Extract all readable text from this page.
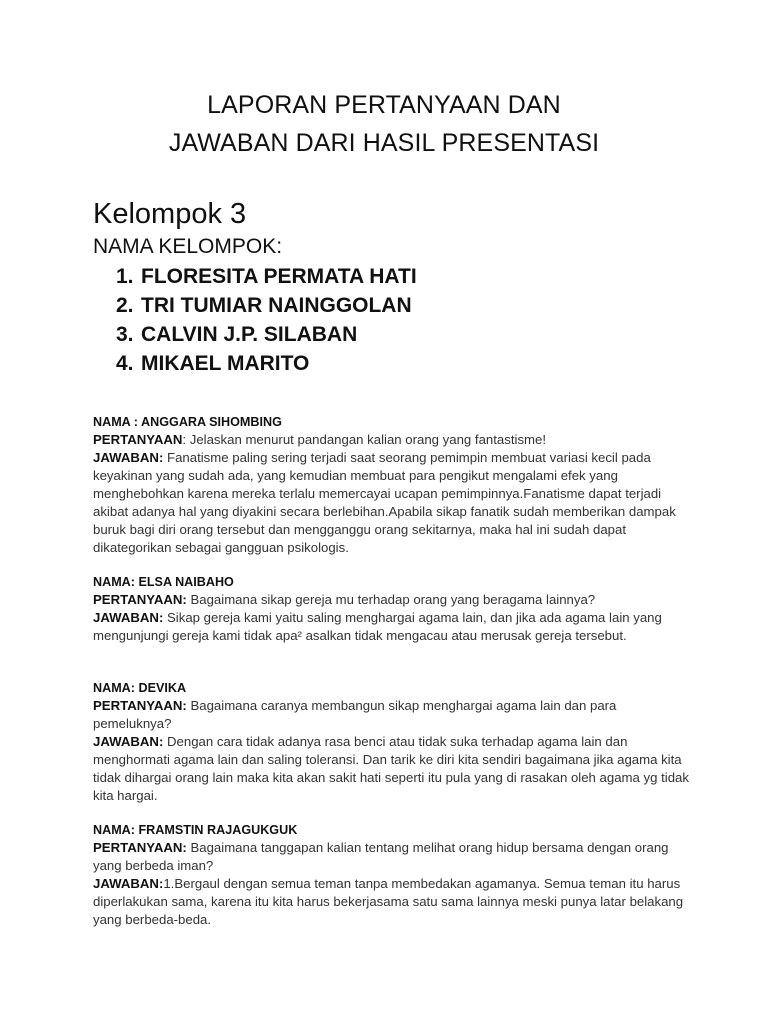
LAPORAN PERTANYAAN DAN
JAWABAN DARI HASIL PRESENTASI
Kelompok 3
NAMA KELOMPOK:
1. FLORESITA PERMATA HATI
2. TRI TUMIAR NAINGGOLAN
3. CALVIN J.P. SILABAN
4. MIKAEL MARITO

NAMA : ANGGARA SIHOMBING

PERTANYAAN: Jelaskan menurut pandangan kalian orang yang fantastisme!

JAWABAN: Fanatisme paling sering terjadi saat seorang pemimpin membuat variasi kecil pada keyakinan yang sudah ada, yang kemudian membuat para pengikut mengalami efek yang menghebohkan karena mereka terlalu memercayai ucapan pemimpinnya.Fanatisme dapat terjadi akibat adanya hal yang diyakini secara berlebihan.Apabila sikap fanatik sudah memberikan dampak buruk bagi diri orang tersebut dan mengganggu orang sekitarnya, maka hal ini sudah dapat dikategorikan sebagai gangguan psikologis.

NAMA: ELSA NAIBAHO

PERTANYAAN: Bagaimana sikap gereja mu terhadap orang yang beragama lainnya?

JAWABAN: Sikap gereja kami yaitu saling menghargai agama lain, dan jika ada agama lain yang mengunjungi gereja kami tidak apa² asalkan tidak mengacau atau merusak gereja tersebut.

NAMA: DEVIKA

PERTANYAAN: Bagaimana caranya membangun sikap menghargai agama lain dan para pemeluknya?

JAWABAN: Dengan cara tidak adanya rasa benci atau tidak suka terhadap agama lain dan menghormati agama lain dan saling toleransi. Dan tarik ke diri kita sendiri bagaimana jika agama kita tidak dihargai orang lain maka kita akan sakit hati seperti itu pula yang di rasakan oleh agama yg tidak kita hargai.

NAMA: FRAMSTIN RAJAGUKGUK

PERTANYAAN: Bagaimana tanggapan kalian tentang melihat orang hidup bersama dengan orang yang berbeda iman?

JAWABAN:1.Bergaul dengan semua teman tanpa membedakan agamanya. Semua teman itu harus diperlakukan sama, karena itu kita harus bekerjasama satu sama lainnya meski punya latar belakang yang berbeda-beda.
